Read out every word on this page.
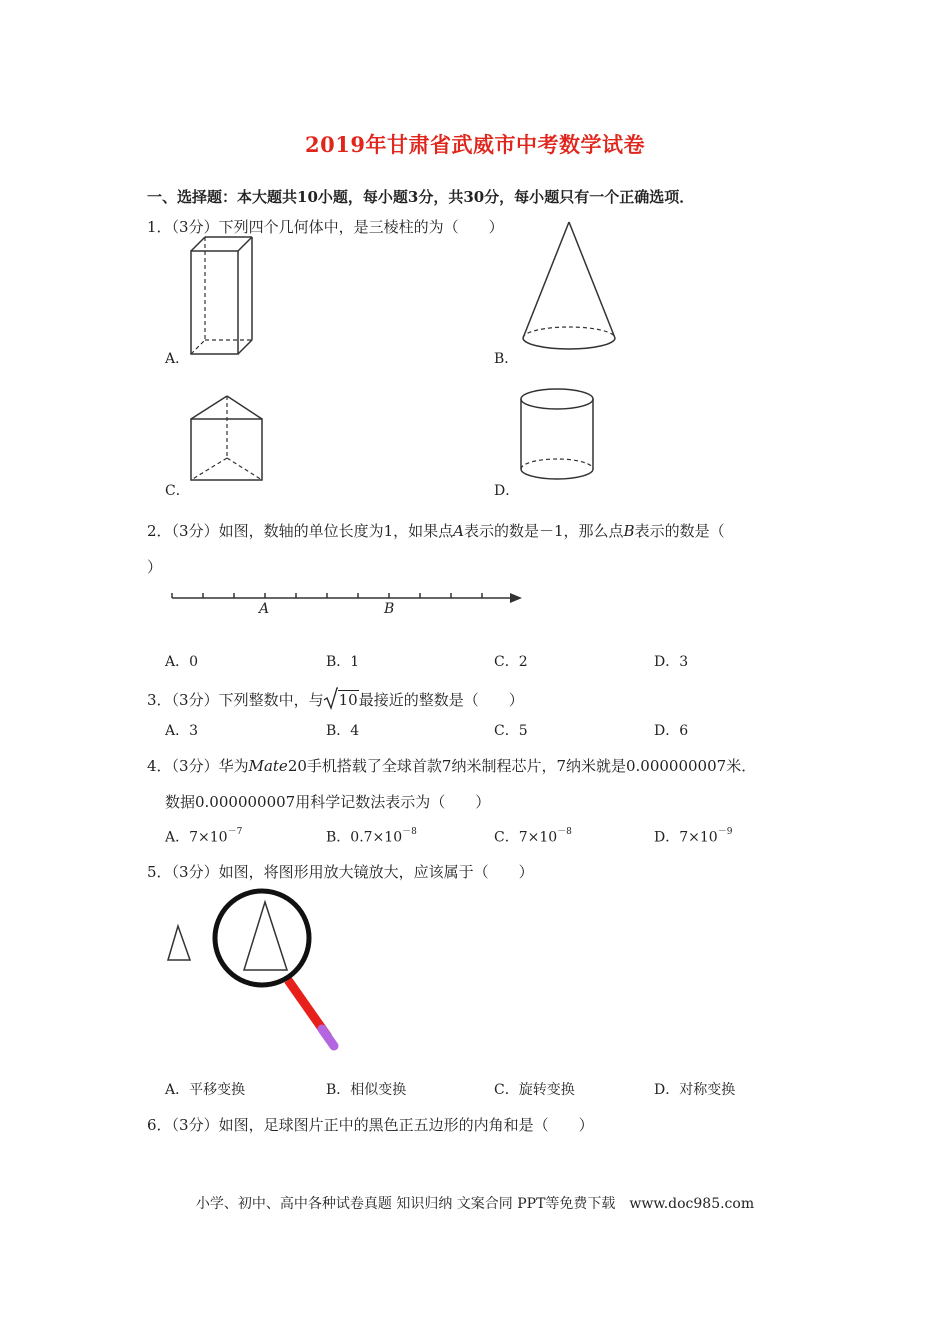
2019年甘肃省武威市中考数学试卷
一、选择题：本大题共10小题，每小题3分，共30分，每小题只有一个正确选项．
1．（3分）下列四个几何体中，是三棱柱的为（　　）
A．	B．
C．	D．
2．（3分）如图，数轴的单位长度为1，如果点A表示的数是－1，那么点B表示的数是（
）
A	B
A．0	B．1	C．2	D．3
3．（3分）下列整数中，与 10最接近的整数是（　　）
A．3	B．4	C．5	D．6
4．（3分）华为Mate20手机搭载了全球首款7纳米制程芯片，7纳米就是0.000000007米．
数据0.000000007用科学记数法表示为（　　）
A．$7\times 10^{-7}$	B．$0.7\times 10^{-8}$	C．$7\times 10^{-8}$	D．$7\times 10^{-9}$
5．（3分）如图，将图形用放大镜放大，应该属于（　　）
A．平移变换	B．相似变换	C．旋转变换	D．对称变换
6．（3分）如图，足球图片正中的黑色正五边形的内角和是（　　）
小学、初中、高中各种试卷真题 知识归纳 文案合同 PPT等免费下载　www.doc985.com
